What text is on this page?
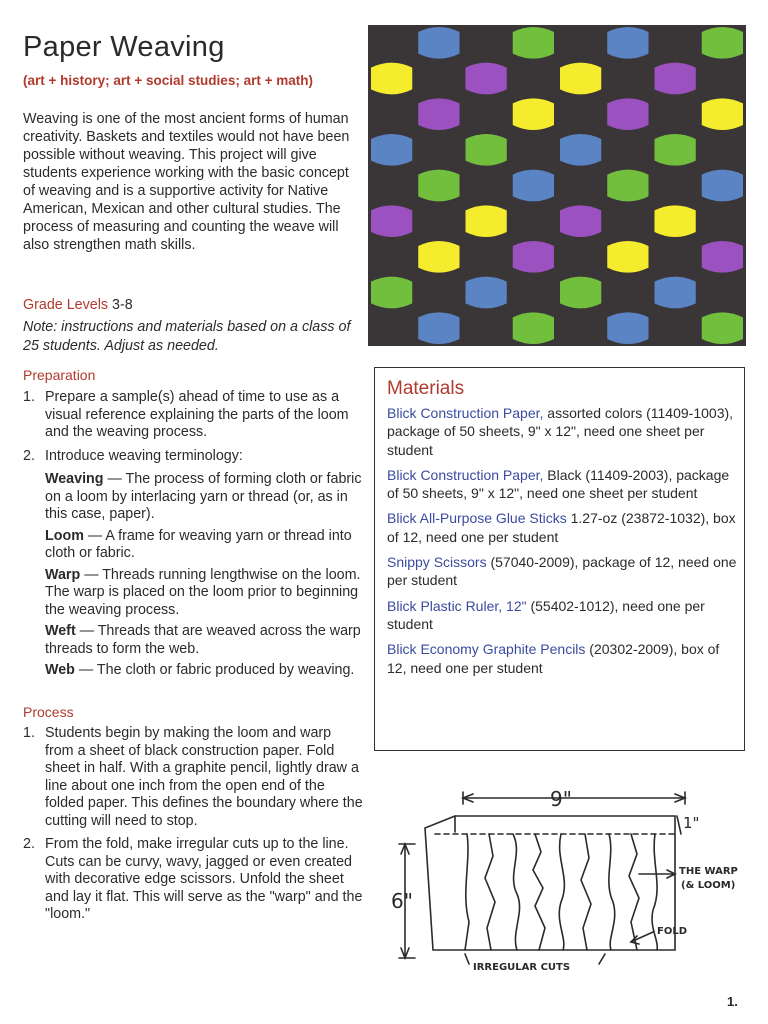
Paper Weaving
(art + history; art + social studies; art + math)
Weaving is one of the most ancient forms of human creativity. Baskets and textiles would not have been possible without weaving. This project will give students experience working with the basic concept of weaving and is a supportive activity for Native American, Mexican and other cultural studies. The process of measuring and counting the weave will also strengthen math skills.
Grade Levels 3-8
Note: instructions and materials based on a class of 25 students. Adjust as needed.
Preparation
1. Prepare a sample(s) ahead of time to use as a visual reference explaining the parts of the loom and the weaving process.
2. Introduce weaving terminology:
Weaving — The process of forming cloth or fabric on a loom by interlacing yarn or thread (or, as in this case, paper).
Loom — A frame for weaving yarn or thread into cloth or fabric.
Warp — Threads running lengthwise on the loom. The warp is placed on the loom prior to beginning the weaving process.
Weft — Threads that are weaved across the warp threads to form the web.
Web — The cloth or fabric produced by weaving.
Process
1. Students begin by making the loom and warp from a sheet of black construction paper. Fold sheet in half. With a graphite pencil, lightly draw a line about one inch from the open end of the folded paper. This defines the boundary where the cutting will need to stop.
2. From the fold, make irregular cuts up to the line. Cuts can be curvy, wavy, jagged or even created with decorative edge scissors. Unfold the sheet and lay it flat. This will serve as the "warp" and the "loom."
Materials
Blick Construction Paper, assorted colors (11409-1003), package of 50 sheets, 9" x 12", need one sheet per student
Blick Construction Paper, Black (11409-2003), package of 50 sheets, 9" x 12", need one sheet per student
Blick All-Purpose Glue Sticks 1.27-oz (23872-1032), box of 12, need one per student
Snippy Scissors (57040-2009), package of 12, need one per student
Blick Plastic Ruler, 12" (55402-1012), need one per student
Blick Economy Graphite Pencils (20302-2009), box of 12, need one per student
9"
1"
6"
THE WARP
(& LOOM)
FOLD
IRREGULAR CUTS
1.
